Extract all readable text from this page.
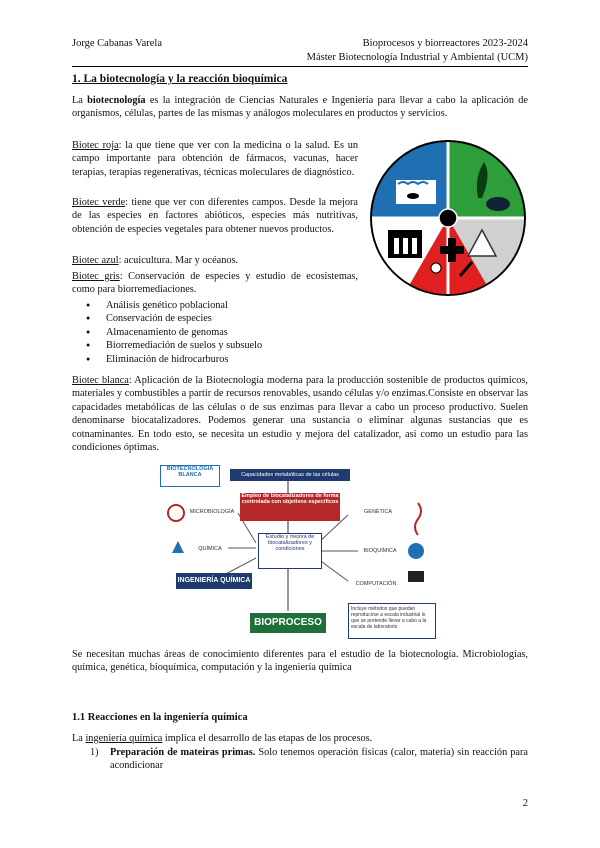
Jorge Cabanas Varela	Bioprocesos y biorreactores 2023-2024
Máster Biotecnología Industrial y Ambiental (UCM)
1. La biotecnología y la reacción bioquímica
La biotecnología es la integración de Ciencias Naturales e Ingeniería para llevar a cabo la aplicación de organismos, células, partes de las mismas y análogos moleculares en productos y servicios.
Biotec roja: la que tiene que ver con la medicina o la salud. Es un campo importante para obtención de fármacos, vacunas, hacer terapias, terapias regenerativas, técnicas moleculares de diagnóstico.
Biotec verde: tiene que ver con diferentes campos. Desde la mejora de las especies en factores abióticos, especies más nutritivas, obtención de especies vegetales para obtener nuevos productos.
Biotec azul: acuicultura. Mar y océanos.
Biotec gris: Conservación de especies y estudio de ecosistemas, como para biorremediaciones.
● Análisis genético poblacional
● Conservación de especies
● Almacenamiento de genomas
● Biorremediación de suelos y subsuelo
● Eliminación de hidrocarburos
Biotec blanca: Aplicación de la Biotecnología moderna para la producción sostenible de productos químicos, materiales y combustibles a partir de recursos renovables, usando células y/o enzimas.Consiste en observar las capacidades metabólicas de las células o de sus enzimas para llevar a cabo un proceso productivo. Suelen denominarse biocatalizadores. Podemos generar una sustancia o eliminar algunas sustancias que es cotnaminantes. En todo esto, se necesita un estudio y mejora del catalizador, así como un estudio para las condiciones óptimas.
BIOTECNOLOGÍA BLANCA	Capacidades metabólicas de las células
Empleo de biocatalizadores de forma controlada con objetivos específicos
Estudio y mejora de biocatalizadores y condiciones
MICROBIOLOGÍA
QUÍMICA
GENÉTICA
BIOQUÍMICA
COMPUTACIÓN
INGENIERÍA QUÍMICA
BIOPROCESO
Incluye métodos que puedan reproducirse a escala industrial lo que se pretende llevar a cabo a la escala de laboratorio
Se necesitan muchas áreas de conocimiento diferentes para el estudio de la biotecnología. Microbiologías, química, genética, bioquímica, computación y la ingeniería química
1.1 Reacciones en la ingeniería química
La ingeniería química implica el desarrollo de las etapas de los procesos.
1)	Preparación de mateiras primas. Solo tenemos operación físicas (calor, materia) sin reacción para acondicionar
2
